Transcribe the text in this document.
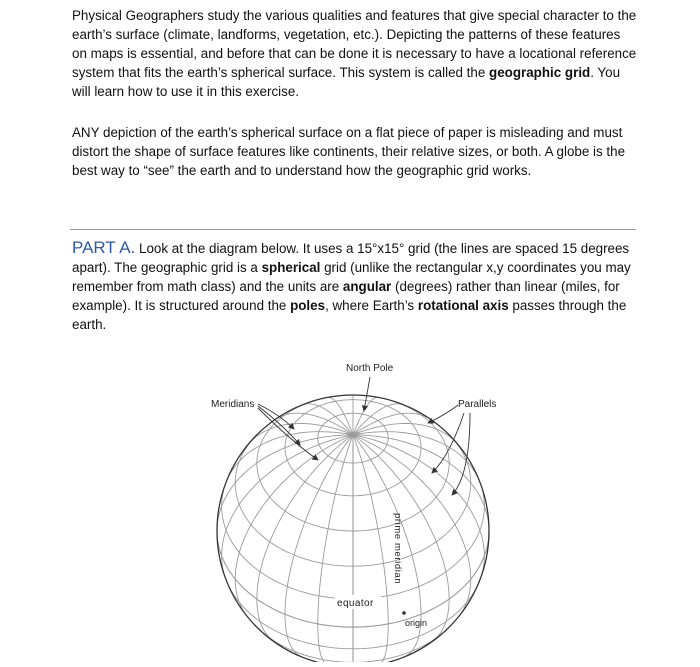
Physical Geographers study the various qualities and features that give special character to the earth’s surface (climate, landforms, vegetation, etc.). Depicting the patterns of these features on maps is essential, and before that can be done it is necessary to have a locational reference system that fits the earth’s spherical surface. This system is called the geographic grid. You will learn how to use it in this exercise.

ANY depiction of the earth’s spherical surface on a flat piece of paper is misleading and must distort the shape of surface features like continents, their relative sizes, or both. A globe is the best way to “see” the earth and to understand how the geographic grid works.

PART A. Look at the diagram below. It uses a 15°x15° grid (the lines are spaced 15 degrees apart). The geographic grid is a spherical grid (unlike the rectangular x,y coordinates you may remember from math class) and the units are angular (degrees) rather than linear (miles, for example). It is structured around the poles, where Earth’s rotational axis passes through the earth.

North Pole
Meridians	Parallels
prime meridian
equator
origin
